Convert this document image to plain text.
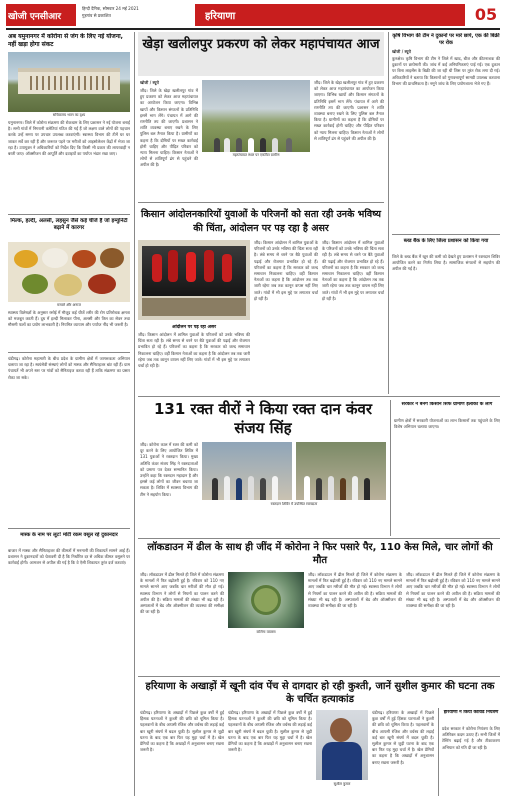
खोजी एनसीआर
हिन्दी दैनिक, सोमवार 24 मई 2021
गुड़गांव से प्रकाशित	हरियाणा	05
अब यमुनानगर में कोरोना से जंग के लिए नई योजना, नहीं खड़ा होगा संकट
सचिवालय भवन का दृश्य
यमुनानगर। जिले में कोरोना संक्रमण की रोकथाम के लिए प्रशासन ने नई योजना बनाई है। सभी गांवों में निगरानी कमेटियां गठित की गई हैं जो लक्षण वाले लोगों की पहचान करके उन्हें समय पर उपचार उपलब्ध करवाएंगी। स्वास्थ्य विभाग की टीमें घर घर जाकर सर्वे कर रही हैं और जरूरत पड़ने पर मरीजों को आइसोलेशन केंद्रों में भेजा जा रहा है। उपायुक्त ने अधिकारियों को निर्देश दिए कि किसी भी प्रकार की लापरवाही न बरती जाए। ऑक्सीजन की आपूर्ति और दवाइयों का पर्याप्त भंडार रखा जाए।
मिल्क, हल्दी, अलसी, लहसुन जैसे कई चीजें हैं जो इम्युनिटी बढ़ाने में कारगर
मसाले और अनाज
स्वास्थ्य विशेषज्ञों के अनुसार रसोई में मौजूद कई चीजें शरीर की रोग प्रतिरोधक क्षमता को मजबूत करती हैं। दूध में हल्दी मिलाकर पीना, अलसी और तिल का सेवन तथा मौसमी फलों का प्रयोग लाभकारी है। नियमित व्यायाम और पर्याप्त नींद भी जरूरी है।
चंडीगढ़। कोरोना महामारी के बीच प्रदेश के ग्रामीण क्षेत्रों में जागरूकता अभियान चलाया जा रहा है। स्वयंसेवी संस्थाएं लोगों को मास्क और सैनिटाइजर बांट रही हैं। ग्राम पंचायतें भी अपने स्तर पर गांवों को सैनिटाइज करवा रही हैं ताकि संक्रमण का प्रसार रोका जा सके।
मास्क के नाम पर लूट! मोटी रकम वसूल रहे दुकानदार
बाजार में मास्क और सैनिटाइजर की कीमतों में मनमानी की शिकायतें सामने आई हैं। प्रशासन ने दुकानदारों को चेतावनी दी है कि निर्धारित दर से अधिक कीमत वसूलने पर कार्रवाई होगी। आमजन से अपील की गई है कि वे ऐसी शिकायत तुरंत दर्ज करवाएं।
खेड़ा खलीलपुर प्रकरण को लेकर महापंचायत आज
खोजी / ब्यूरो
जींद। जिले के खेड़ा खलीलपुर गांव में हुए प्रकरण को लेकर आज महापंचायत का आयोजन किया जाएगा। विभिन्न खापों और किसान संगठनों के प्रतिनिधि इसमें भाग लेंगे। पंचायत में आगे की रणनीति तय की जाएगी। प्रशासन ने शांति व्यवस्था बनाए रखने के लिए पुलिस बल तैनात किया है। ग्रामीणों का कहना है कि दोषियों पर सख्त कार्रवाई होनी चाहिए और पीड़ित परिवार को न्याय मिलना चाहिए। किसान नेताओं ने लोगों से शांतिपूर्ण ढंग से पहुंचने की अपील की है।
महापंचायत स्थल पर एकत्रित ग्रामीण
जींद। जिले के खेड़ा खलीलपुर गांव में हुए प्रकरण को लेकर आज महापंचायत का आयोजन किया जाएगा। विभिन्न खापों और किसान संगठनों के प्रतिनिधि इसमें भाग लेंगे। पंचायत में आगे की रणनीति तय की जाएगी। प्रशासन ने शांति व्यवस्था बनाए रखने के लिए पुलिस बल तैनात किया है। ग्रामीणों का कहना है कि दोषियों पर सख्त कार्रवाई होनी चाहिए और पीड़ित परिवार को न्याय मिलना चाहिए। किसान नेताओं ने लोगों से शांतिपूर्ण ढंग से पहुंचने की अपील की है।
कृषि विभाग की टीम ने दुकानों पर मारे छापे, एक की बिक्री पर रोक
खोजी / ब्यूरो
कुरुक्षेत्र। कृषि विभाग की टीम ने जिले में खाद, बीज और कीटनाशक की दुकानों पर छापेमारी की। जांच में कई अनियमितताएं पाई गईं। एक दुकान पर बिना लाइसेंस के बिक्री की जा रही थी जिस पर तुरंत रोक लगा दी गई। अधिकारियों ने बताया कि किसानों को गुणवत्तापूर्ण सामग्री उपलब्ध करवाना विभाग की प्राथमिकता है। नमूने जांच के लिए प्रयोगशाला भेजे गए हैं।
ब्लड बैंक के लिए जिला प्रशासन को किया गया
जिले के ब्लड बैंक में खून की कमी को देखते हुए प्रशासन ने रक्तदान शिविर आयोजित करने का निर्णय लिया है। सामाजिक संगठनों से सहयोग की अपील की गई है।
किसान आंदोलनकारियों युवाओं के परिजनों को सता रही उनके भविष्य की चिंता, आंदोलन पर पड़ रहा है असर
जींद। किसान आंदोलन में शामिल युवाओं के परिजनों को उनके भविष्य की चिंता सता रही है। लंबे समय से धरने पर बैठे युवाओं की पढ़ाई और रोजगार प्रभावित हो रहे हैं। परिजनों का कहना है कि सरकार को जल्द समाधान निकालना चाहिए। वहीं किसान नेताओं का कहना है कि आंदोलन तब तक जारी रहेगा जब तक कानून वापस नहीं लिए जाते। गांवों में भी इस मुद्दे पर लगातार चर्चा हो रही है।
जींद। किसान आंदोलन में शामिल युवाओं के परिजनों को उनके भविष्य की चिंता सता रही है। लंबे समय से धरने पर बैठे युवाओं की पढ़ाई और रोजगार प्रभावित हो रहे हैं। परिजनों का कहना है कि सरकार को जल्द समाधान निकालना चाहिए। वहीं किसान नेताओं का कहना है कि आंदोलन तब तक जारी रहेगा जब तक कानून वापस नहीं लिए जाते। गांवों में भी इस मुद्दे पर लगातार चर्चा हो रही है।
आंदोलन पर पड़ रहा असर
जींद। किसान आंदोलन में शामिल युवाओं के परिजनों को उनके भविष्य की चिंता सता रही है। लंबे समय से धरने पर बैठे युवाओं की पढ़ाई और रोजगार प्रभावित हो रहे हैं। परिजनों का कहना है कि सरकार को जल्द समाधान निकालना चाहिए। वहीं किसान नेताओं का कहना है कि आंदोलन तब तक जारी रहेगा जब तक कानून वापस नहीं लिए जाते। गांवों में भी इस मुद्दे पर लगातार चर्चा हो रही है।
131 रक्त वीरों ने किया रक्त दान कंवर संजय सिंह
जींद। कोरोना काल में रक्त की कमी को दूर करने के लिए आयोजित शिविर में 131 युवाओं ने रक्तदान किया। मुख्य अतिथि कंवर संजय सिंह ने रक्तदाताओं को प्रमाण पत्र देकर सम्मानित किया। उन्होंने कहा कि रक्तदान महादान है और इससे कई लोगों का जीवन बचाया जा सकता है। शिविर में स्वास्थ्य विभाग की टीम ने सहयोग किया।
रक्तदान शिविर में उपस्थित रक्तदाता
सरकार ने बनेंगे किसान सिर्फ ग्रामीण इलाकों के लोग
ग्रामीण क्षेत्रों में सरकारी योजनाओं का लाभ किसानों तक पहुंचाने के लिए विशेष अभियान चलाया जाएगा।
लॉकडाउन में ढील के साथ ही जींद में कोरोना ने फिर पसारे पैर, 110 केस मिले, चार लोगों की मौत
जींद। लॉकडाउन में ढील मिलते ही जिले में कोरोना संक्रमण के मामलों में फिर बढ़ोतरी हुई है। रविवार को 110 नए मामले सामने आए जबकि चार मरीजों की मौत हो गई। स्वास्थ्य विभाग ने लोगों से नियमों का पालन करने की अपील की है। सक्रिय मामलों की संख्या भी बढ़ रही है। अस्पतालों में बेड और ऑक्सीजन की व्यवस्था की समीक्षा की जा रही है।
कोरोना वायरस
जींद। लॉकडाउन में ढील मिलते ही जिले में कोरोना संक्रमण के मामलों में फिर बढ़ोतरी हुई है। रविवार को 110 नए मामले सामने आए जबकि चार मरीजों की मौत हो गई। स्वास्थ्य विभाग ने लोगों से नियमों का पालन करने की अपील की है। सक्रिय मामलों की संख्या भी बढ़ रही है। अस्पतालों में बेड और ऑक्सीजन की व्यवस्था की समीक्षा की जा रही है।
जींद। लॉकडाउन में ढील मिलते ही जिले में कोरोना संक्रमण के मामलों में फिर बढ़ोतरी हुई है। रविवार को 110 नए मामले सामने आए जबकि चार मरीजों की मौत हो गई। स्वास्थ्य विभाग ने लोगों से नियमों का पालन करने की अपील की है। सक्रिय मामलों की संख्या भी बढ़ रही है। अस्पतालों में बेड और ऑक्सीजन की व्यवस्था की समीक्षा की जा रही है।
हरियाणा के अखाड़ों में खूनी दांव पेंच से दागदार हो रही कुश्ती, जानें सुशील कुमार की घटना तक के चर्चित हत्याकांड
चंडीगढ़। हरियाणा के अखाड़ों में पिछले कुछ वर्षों में हुई हिंसक घटनाओं ने कुश्ती की छवि को धूमिल किया है। पहलवानों के बीच आपसी रंजिश और वर्चस्व की लड़ाई कई बार खूनी संघर्ष में बदल चुकी है। सुशील कुमार से जुड़ी घटना के बाद एक बार फिर यह मुद्दा चर्चा में है। खेल प्रेमियों का कहना है कि अखाड़ों में अनुशासन बनाए रखना जरूरी है।
चंडीगढ़। हरियाणा के अखाड़ों में पिछले कुछ वर्षों में हुई हिंसक घटनाओं ने कुश्ती की छवि को धूमिल किया है। पहलवानों के बीच आपसी रंजिश और वर्चस्व की लड़ाई कई बार खूनी संघर्ष में बदल चुकी है। सुशील कुमार से जुड़ी घटना के बाद एक बार फिर यह मुद्दा चर्चा में है। खेल प्रेमियों का कहना है कि अखाड़ों में अनुशासन बनाए रखना जरूरी है।
सुशील कुमार
चंडीगढ़। हरियाणा के अखाड़ों में पिछले कुछ वर्षों में हुई हिंसक घटनाओं ने कुश्ती की छवि को धूमिल किया है। पहलवानों के बीच आपसी रंजिश और वर्चस्व की लड़ाई कई बार खूनी संघर्ष में बदल चुकी है। सुशील कुमार से जुड़ी घटना के बाद एक बार फिर यह मुद्दा चर्चा में है। खेल प्रेमियों का कहना है कि अखाड़ों में अनुशासन बनाए रखना जरूरी है।
हरियाणा ने किया कोविड नियंत्रण
प्रदेश सरकार ने कोरोना नियंत्रण के लिए अतिरिक्त कदम उठाए हैं। सभी जिलों में टेस्टिंग बढ़ाई गई है और टीकाकरण अभियान को गति दी जा रही है।
